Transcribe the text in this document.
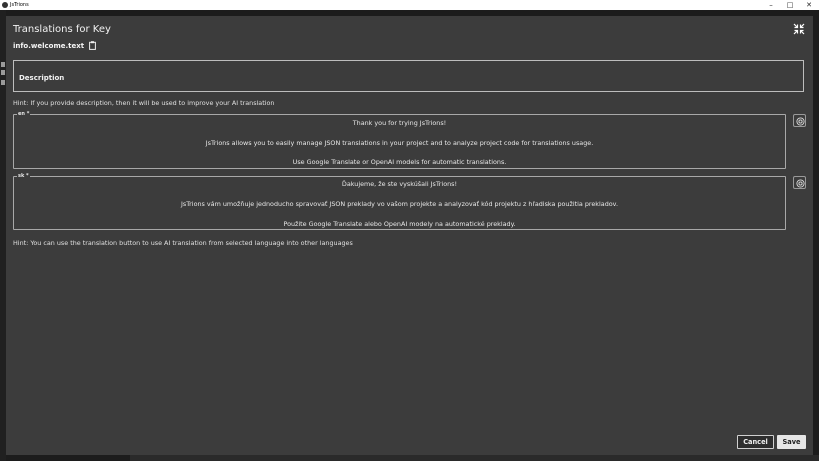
JsTrions	–	□	✕
Translations for Key
info.welcome.text
Description
Hint: If you provide description, then it will be used to improve your AI translation
en *
Thank you for trying JsTrions!
JsTrions allows you to easily manage JSON translations in your project and to analyze project code for translations usage.
Use Google Translate or OpenAI models for automatic translations.
sk *
Ďakujeme, že ste vyskúšali JsTrions!
JsTrions vám umožňuje jednoducho spravovať JSON preklady vo vašom projekte a analyzovať kód projektu z hľadiska použitia prekladov.
Použite Google Translate alebo OpenAI modely na automatické preklady.
Hint: You can use the translation button to use AI translation from selected language into other languages
Cancel	Save
